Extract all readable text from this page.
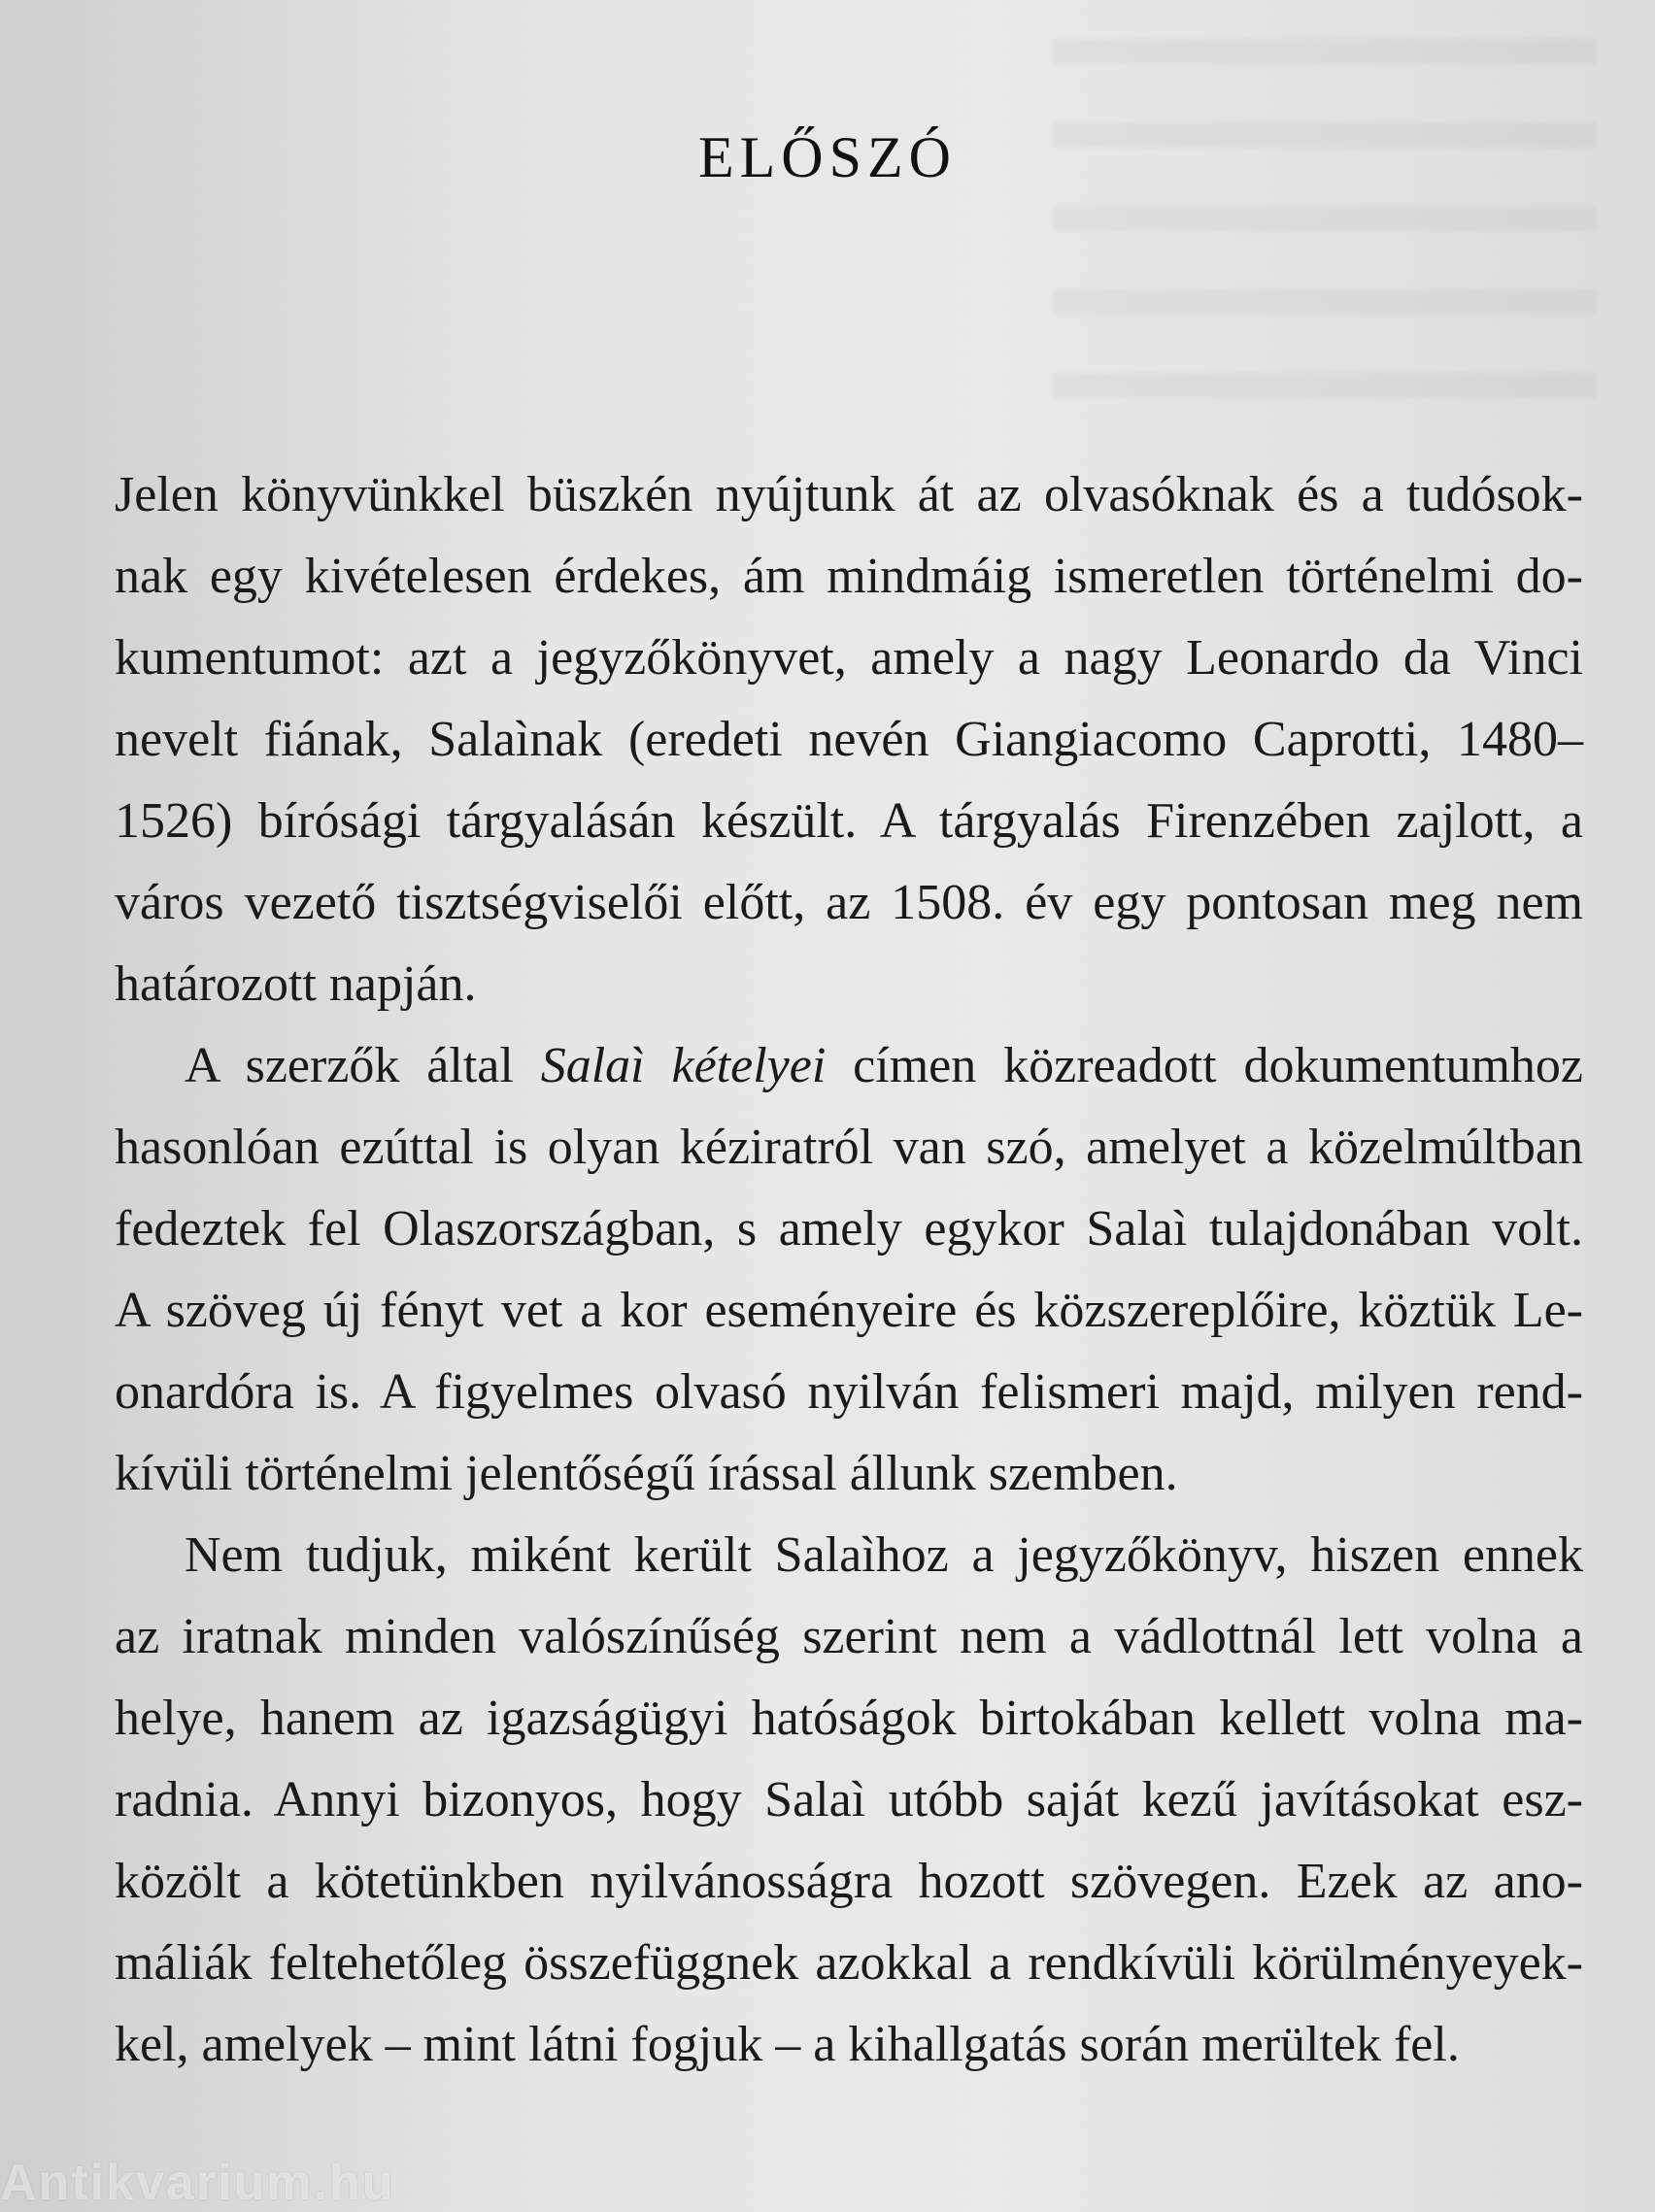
ELŐSZÓ
Jelen könyvünkkel büszkén nyújtunk át az olvasóknak és a tudósok-
nak egy kivételesen érdekes, ám mindmáig ismeretlen történelmi do-
kumentumot: azt a jegyzőkönyvet, amely a nagy Leonardo da Vinci
nevelt fiának, Salaìnak (eredeti nevén Giangiacomo Caprotti, 1480–
1526) bírósági tárgyalásán készült. A tárgyalás Firenzében zajlott, a
város vezető tisztségviselői előtt, az 1508. év egy pontosan meg nem
határozott napján.
A szerzők által Salaì kételyei címen közreadott dokumentumhoz
hasonlóan ezúttal is olyan kéziratról van szó, amelyet a közelmúltban
fedeztek fel Olaszországban, s amely egykor Salaì tulajdonában volt.
A szöveg új fényt vet a kor eseményeire és közszereplőire, köztük Le-
onardóra is. A figyelmes olvasó nyilván felismeri majd, milyen rend-
kívüli történelmi jelentőségű írással állunk szemben.
Nem tudjuk, miként került Salaìhoz a jegyzőkönyv, hiszen ennek
az iratnak minden valószínűség szerint nem a vádlottnál lett volna a
helye, hanem az igazságügyi hatóságok birtokában kellett volna ma-
radnia. Annyi bizonyos, hogy Salaì utóbb saját kezű javításokat esz-
közölt a kötetünkben nyilvánosságra hozott szövegen. Ezek az ano-
máliák feltehetőleg összefüggnek azokkal a rendkívüli körülményeyek-
kel, amelyek – mint látni fogjuk – a kihallgatás során merültek fel.
Antikvarium.hu
